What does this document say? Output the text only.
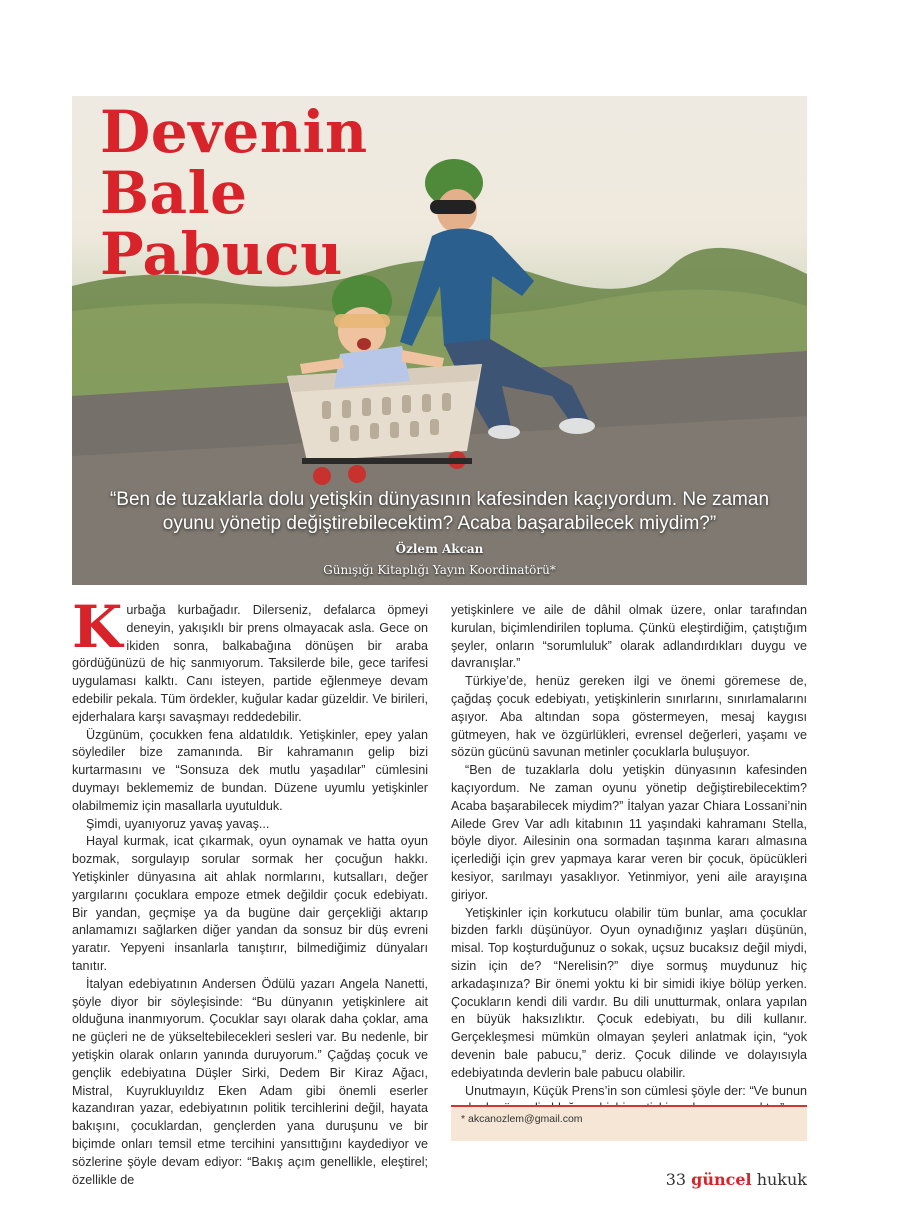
Devenin
Bale
Pabucu
“Ben de tuzaklarla dolu yetişkin dünyasının kafesinden kaçıyordum. Ne zaman oyunu yönetip değiştirebilecektim? Acaba başarabilecek miydim?”
Özlem Akcan
Günışığı Kitaplığı Yayın Koordinatörü*

Kurbağa kurbağadır. Dilerseniz, defalarca öpmeyi deneyin, yakışıklı bir prens olmayacak asla. Gece on ikiden sonra, balkabağına dönüşen bir araba gördüğünüzü de hiç sanmıyorum. Taksilerde bile, gece tarifesi uygulaması kalktı. Canı isteyen, partide eğlenmeye devam edebilir pekala. Tüm ördekler, kuğular kadar güzeldir. Ve birileri, ejderhalara karşı savaşmayı reddedebilir.

Üzgünüm, çocukken fena aldatıldık. Yetişkinler, epey yalan söylediler bize zamanında. Bir kahramanın gelip bizi kurtarmasını ve “Sonsuza dek mutlu yaşadılar” cümlesini duymayı beklememiz de bundan. Düzene uyumlu yetişkinler olabilmemiz için masallarla uyutulduk.

Şimdi, uyanıyoruz yavaş yavaş...

Hayal kurmak, icat çıkarmak, oyun oynamak ve hatta oyun bozmak, sorgulayıp sorular sormak her çocuğun hakkı. Yetişkinler dünyasına ait ahlak normlarını, kutsalları, değer yargılarını çocuklara empoze etmek değildir çocuk edebiyatı. Bir yandan, geçmişe ya da bugüne dair gerçekliği aktarıp anlamamızı sağlarken diğer yandan da sonsuz bir düş evreni yaratır. Yepyeni insanlarla tanıştırır, bilmediğimiz dünyaları tanıtır.

İtalyan edebiyatının Andersen Ödülü yazarı Angela Nanetti, şöyle diyor bir söyleşisinde: “Bu dünyanın yetişkinlere ait olduğuna inanmıyorum. Çocuklar sayı olarak daha çoklar, ama ne güçleri ne de yükseltebilecekleri sesleri var. Bu nedenle, bir yetişkin olarak onların yanında duruyorum.” Çağdaş çocuk ve gençlik edebiyatına Düşler Sirki, Dedem Bir Kiraz Ağacı, Mistral, Kuyrukluyıldız Eken Adam gibi önemli eserler kazandıran yazar, edebiyatının politik tercihlerini değil, hayata bakışını, çocuklardan, gençlerden yana duruşunu ve bir biçimde onları temsil etme tercihini yansıttığını kaydediyor ve sözlerine şöyle devam ediyor: “Bakış açım genellikle, eleştirel; özellikle de

yetişkinlere ve aile de dâhil olmak üzere, onlar tarafından kurulan, biçimlendirilen topluma. Çünkü eleştirdiğim, çatıştığım şeyler, onların “sorumluluk” olarak adlandırdıkları duygu ve davranışlar.”

Türkiye’de, henüz gereken ilgi ve önemi göremese de, çağdaş çocuk edebiyatı, yetişkinlerin sınırlarını, sınırlamalarını aşıyor. Aba altından sopa göstermeyen, mesaj kaygısı gütmeyen, hak ve özgürlükleri, evrensel değerleri, yaşamı ve sözün gücünü savunan metinler çocuklarla buluşuyor.

“Ben de tuzaklarla dolu yetişkin dünyasının kafesinden kaçıyordum. Ne zaman oyunu yönetip değiştirebilecektim? Acaba başarabilecek miydim?” İtalyan yazar Chiara Lossani’nin Ailede Grev Var adlı kitabının 11 yaşındaki kahramanı Stella, böyle diyor. Ailesinin ona sormadan taşınma kararı almasına içerlediği için grev yapmaya karar veren bir çocuk, öpücükleri kesiyor, sarılmayı yasaklıyor. Yetinmiyor, yeni aile arayışına giriyor.

Yetişkinler için korkutucu olabilir tüm bunlar, ama çocuklar bizden farklı düşünüyor. Oyun oynadığınız yaşları düşünün, misal. Top koşturduğunuz o sokak, uçsuz bucaksız değil miydi, sizin için de? “Nerelisin?” diye sormuş muydunuz hiç arkadaşınıza? Bir önemi yoktu ki bir simidi ikiye bölüp yerken. Çocukların kendi dili vardır. Bu dili unutturmak, onlara yapılan en büyük haksızlıktır. Çocuk edebiyatı, bu dili kullanır. Gerçekleşmesi mümkün olmayan şeyleri anlatmak için, “yok devenin bale pabucu,” deriz. Çocuk dilinde ve dolayısıyla edebiyatında devlerin bale pabucu olabilir.

Unutmayın, Küçük Prens’in son cümlesi şöyle der: “Ve bunun

* akcanozlem@gmail.com
33 güncel hukuk
